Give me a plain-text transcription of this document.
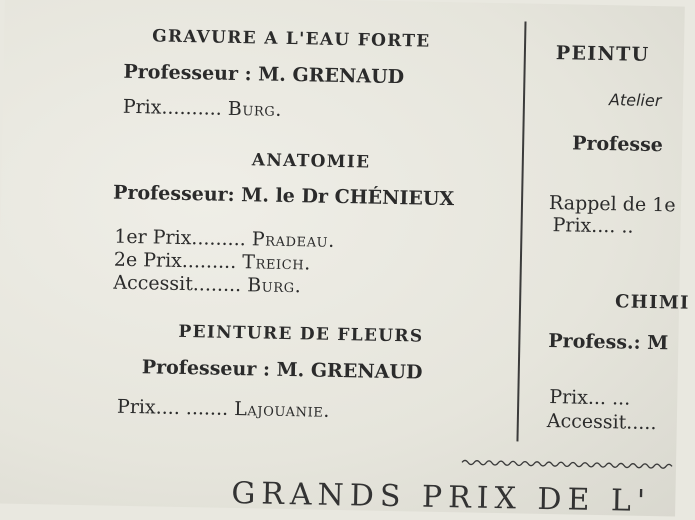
GRAVURE A L'EAU FORTE
Professeur : M. GRENAUD
Prix.......... Burg.
ANATOMIE
Professeur: M. le Dr CHÉNIEUX
1er Prix......... Pradeau.
2e Prix......... Treich.
Accessit........ Burg.
PEINTURE DE FLEURS
Professeur : M. GRENAUD
Prix.... ....... Lajouanie.
PEINTU
Atelier
Professe
Rappel de 1e
Prix.... ..
CHIMI
Profess.: M
Prix... ...
Accessit.....
GRANDS PRIX DE L'
